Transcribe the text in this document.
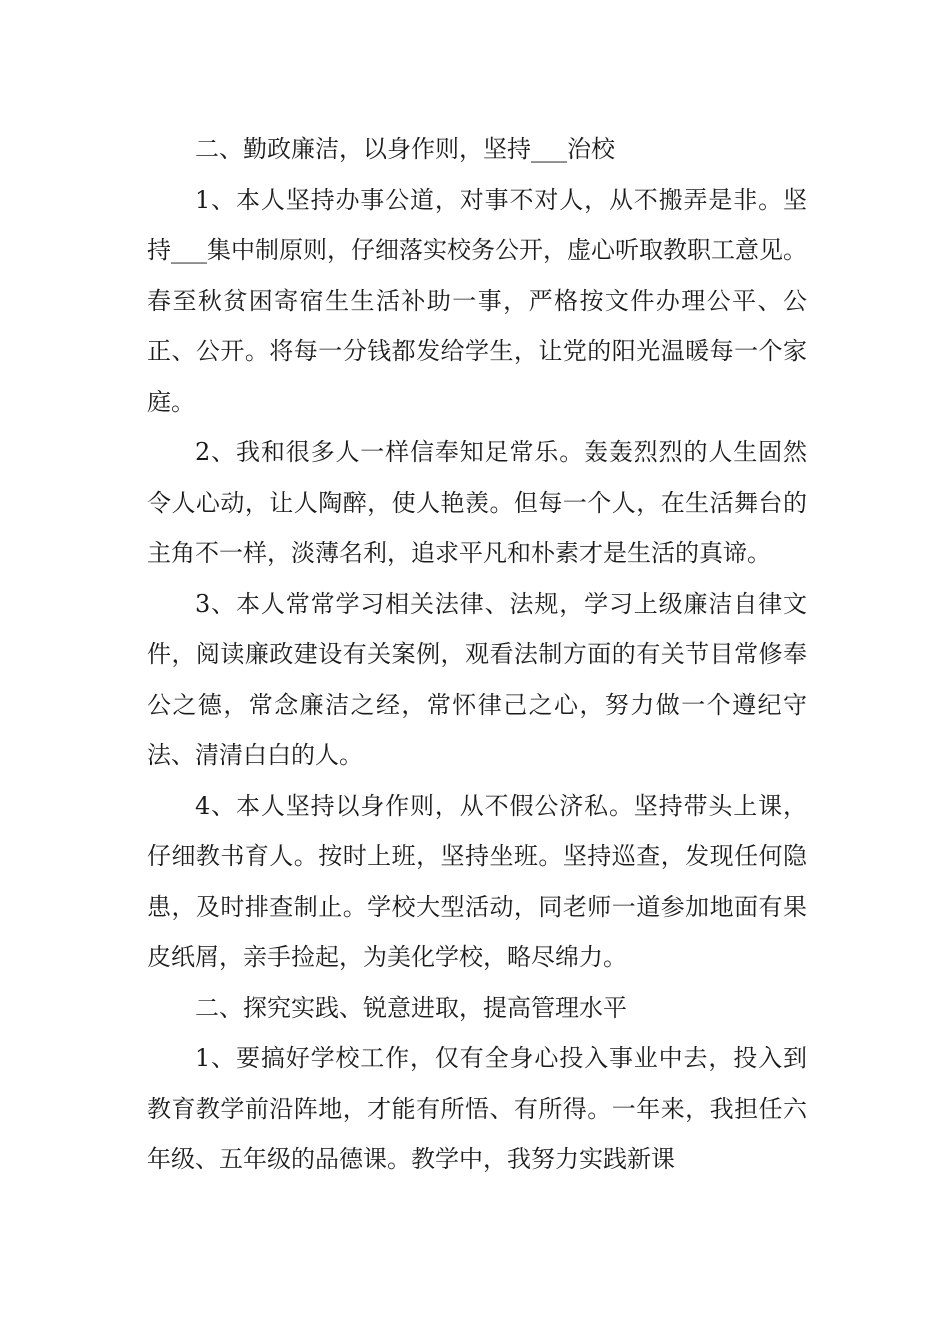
二、勤政廉洁，以身作则，坚持___治校

1、本人坚持办事公道，对事不对人，从不搬弄是非。坚持___集中制原则，仔细落实校务公开，虚心听取教职工意见。春至秋贫困寄宿生生活补助一事，严格按文件办理公平、公正、公开。将每一分钱都发给学生，让党的阳光温暖每一个家庭。

2、我和很多人一样信奉知足常乐。轰轰烈烈的人生固然令人心动，让人陶醉，使人艳羡。但每一个人，在生活舞台的主角不一样，淡薄名利，追求平凡和朴素才是生活的真谛。

3、本人常常学习相关法律、法规，学习上级廉洁自律文件，阅读廉政建设有关案例，观看法制方面的有关节目常修奉公之德，常念廉洁之经，常怀律己之心，努力做一个遵纪守法、清清白白的人。

4、本人坚持以身作则，从不假公济私。坚持带头上课，仔细教书育人。按时上班，坚持坐班。坚持巡查，发现任何隐患，及时排查制止。学校大型活动，同老师一道参加地面有果皮纸屑，亲手捡起，为美化学校，略尽绵力。

二、探究实践、锐意进取，提高管理水平

1、要搞好学校工作，仅有全身心投入事业中去，投入到教育教学前沿阵地，才能有所悟、有所得。一年来，我担任六年级、五年级的品德课。教学中，我努力实践新课
